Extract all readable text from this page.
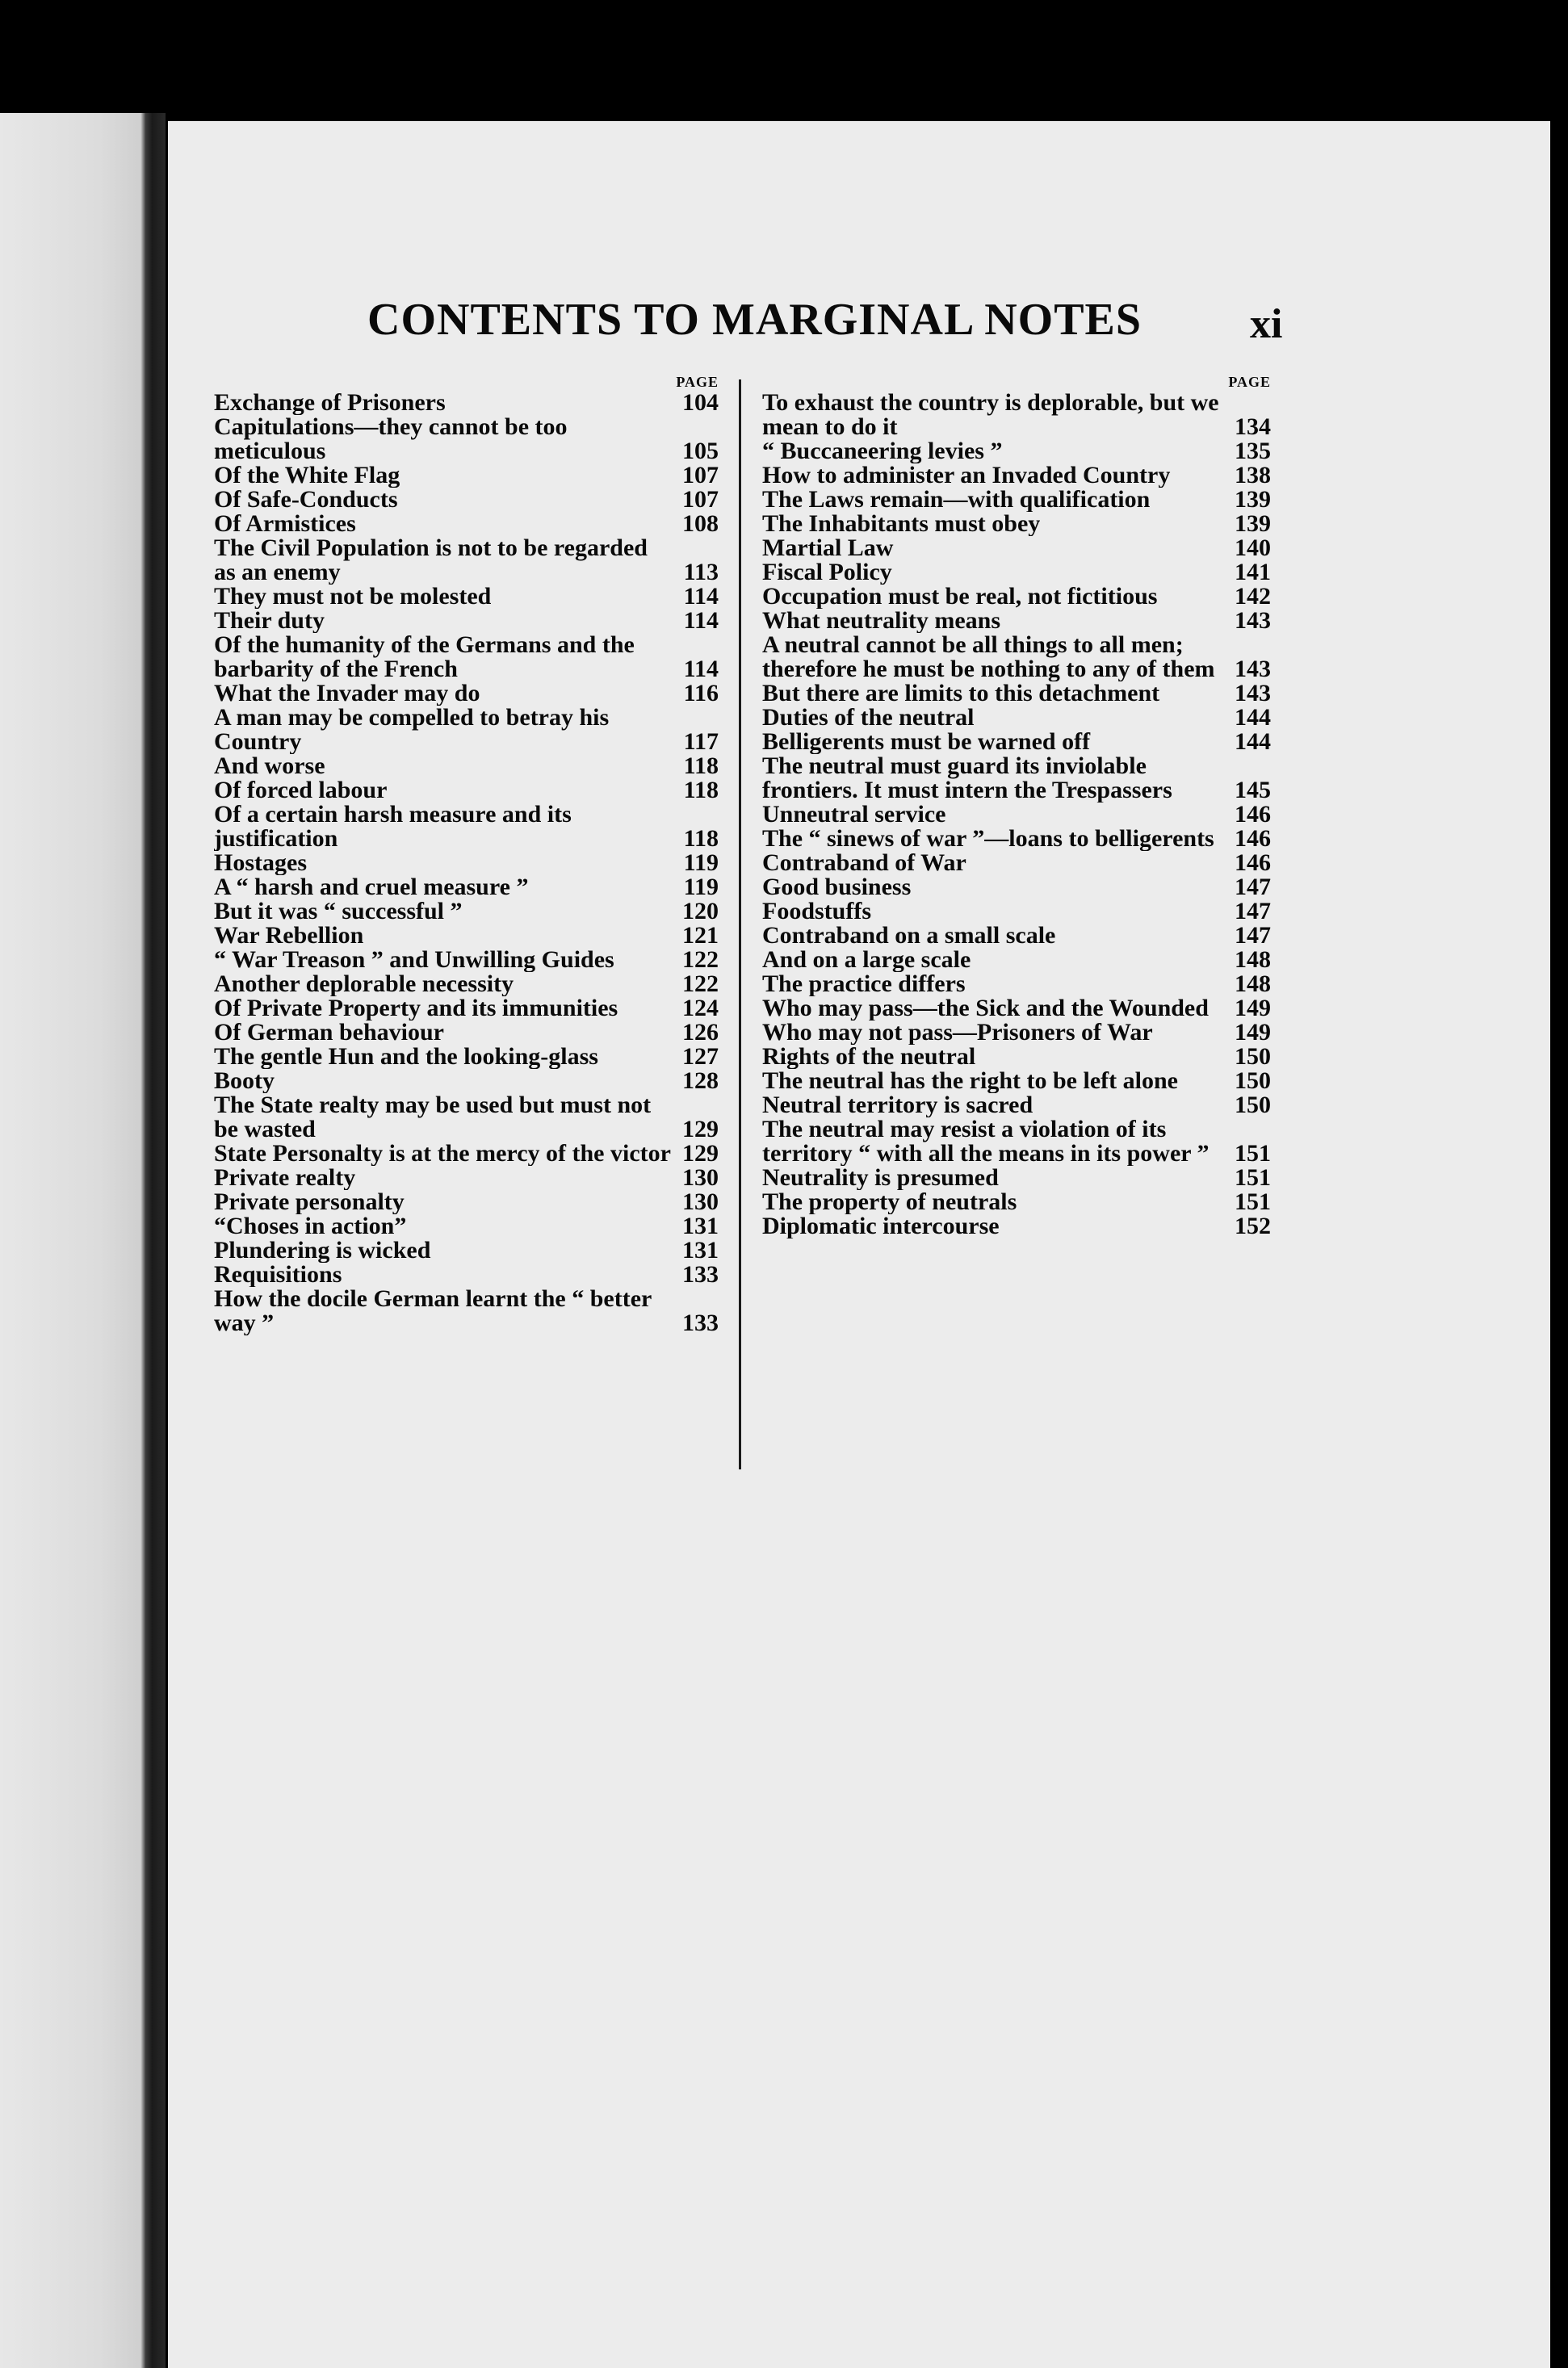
CONTENTS TO MARGINAL NOTES	xi
PAGE
Exchange of Prisoners	104
Capitulations—they cannot be too meticulous	105
Of the White Flag	107
Of Safe-Conducts	107
Of Armistices	108
The Civil Population is not to be regarded as an enemy	113
They must not be molested	114
Their duty	114
Of the humanity of the Germans and the barbarity of the French	114
What the Invader may do	116
A man may be compelled to betray his Country	117
And worse	118
Of forced labour	118
Of a certain harsh measure and its justification	118
Hostages	119
A “ harsh and cruel measure ”	119
But it was “ successful ”	120
War Rebellion	121
“ War Treason ” and Unwilling Guides	122
Another deplorable necessity	122
Of Private Property and its immunities	124
Of German behaviour	126
The gentle Hun and the looking-glass	127
Booty	128
The State realty may be used but must not be wasted	129
State Personalty is at the mercy of the victor 129
Private realty	130
Private personalty	130
“Choses in action”	131
Plundering is wicked	131
Requisitions	133
How the docile German learnt the “ better way ”	133
PAGE
To exhaust the country is deplorable, but we mean to do it	134
“ Buccaneering levies ”	135
How to administer an Invaded Country	138
The Laws remain—with qualification	139
The Inhabitants must obey	139
Martial Law	140
Fiscal Policy	141
Occupation must be real, not fictitious	142
What neutrality means	143
A neutral cannot be all things to all men; therefore he must be nothing to any of them 143
But there are limits to this detachment	143
Duties of the neutral	144
Belligerents must be warned off	144
The neutral must guard its inviolable frontiers. It must intern the Trespassers	145
Unneutral service	146
The “ sinews of war ”—loans to belligerents 146
Contraband of War	146
Good business	147
Foodstuffs	147
Contraband on a small scale	147
And on a large scale	148
The practice differs	148
Who may pass—the Sick and the Wounded	149
Who may not pass—Prisoners of War	149
Rights of the neutral	150
The neutral has the right to be left alone	150
Neutral territory is sacred	150
The neutral may resist a violation of its territory “ with all the means in its power ”	151
Neutrality is presumed	151
The property of neutrals	151
Diplomatic intercourse	152
